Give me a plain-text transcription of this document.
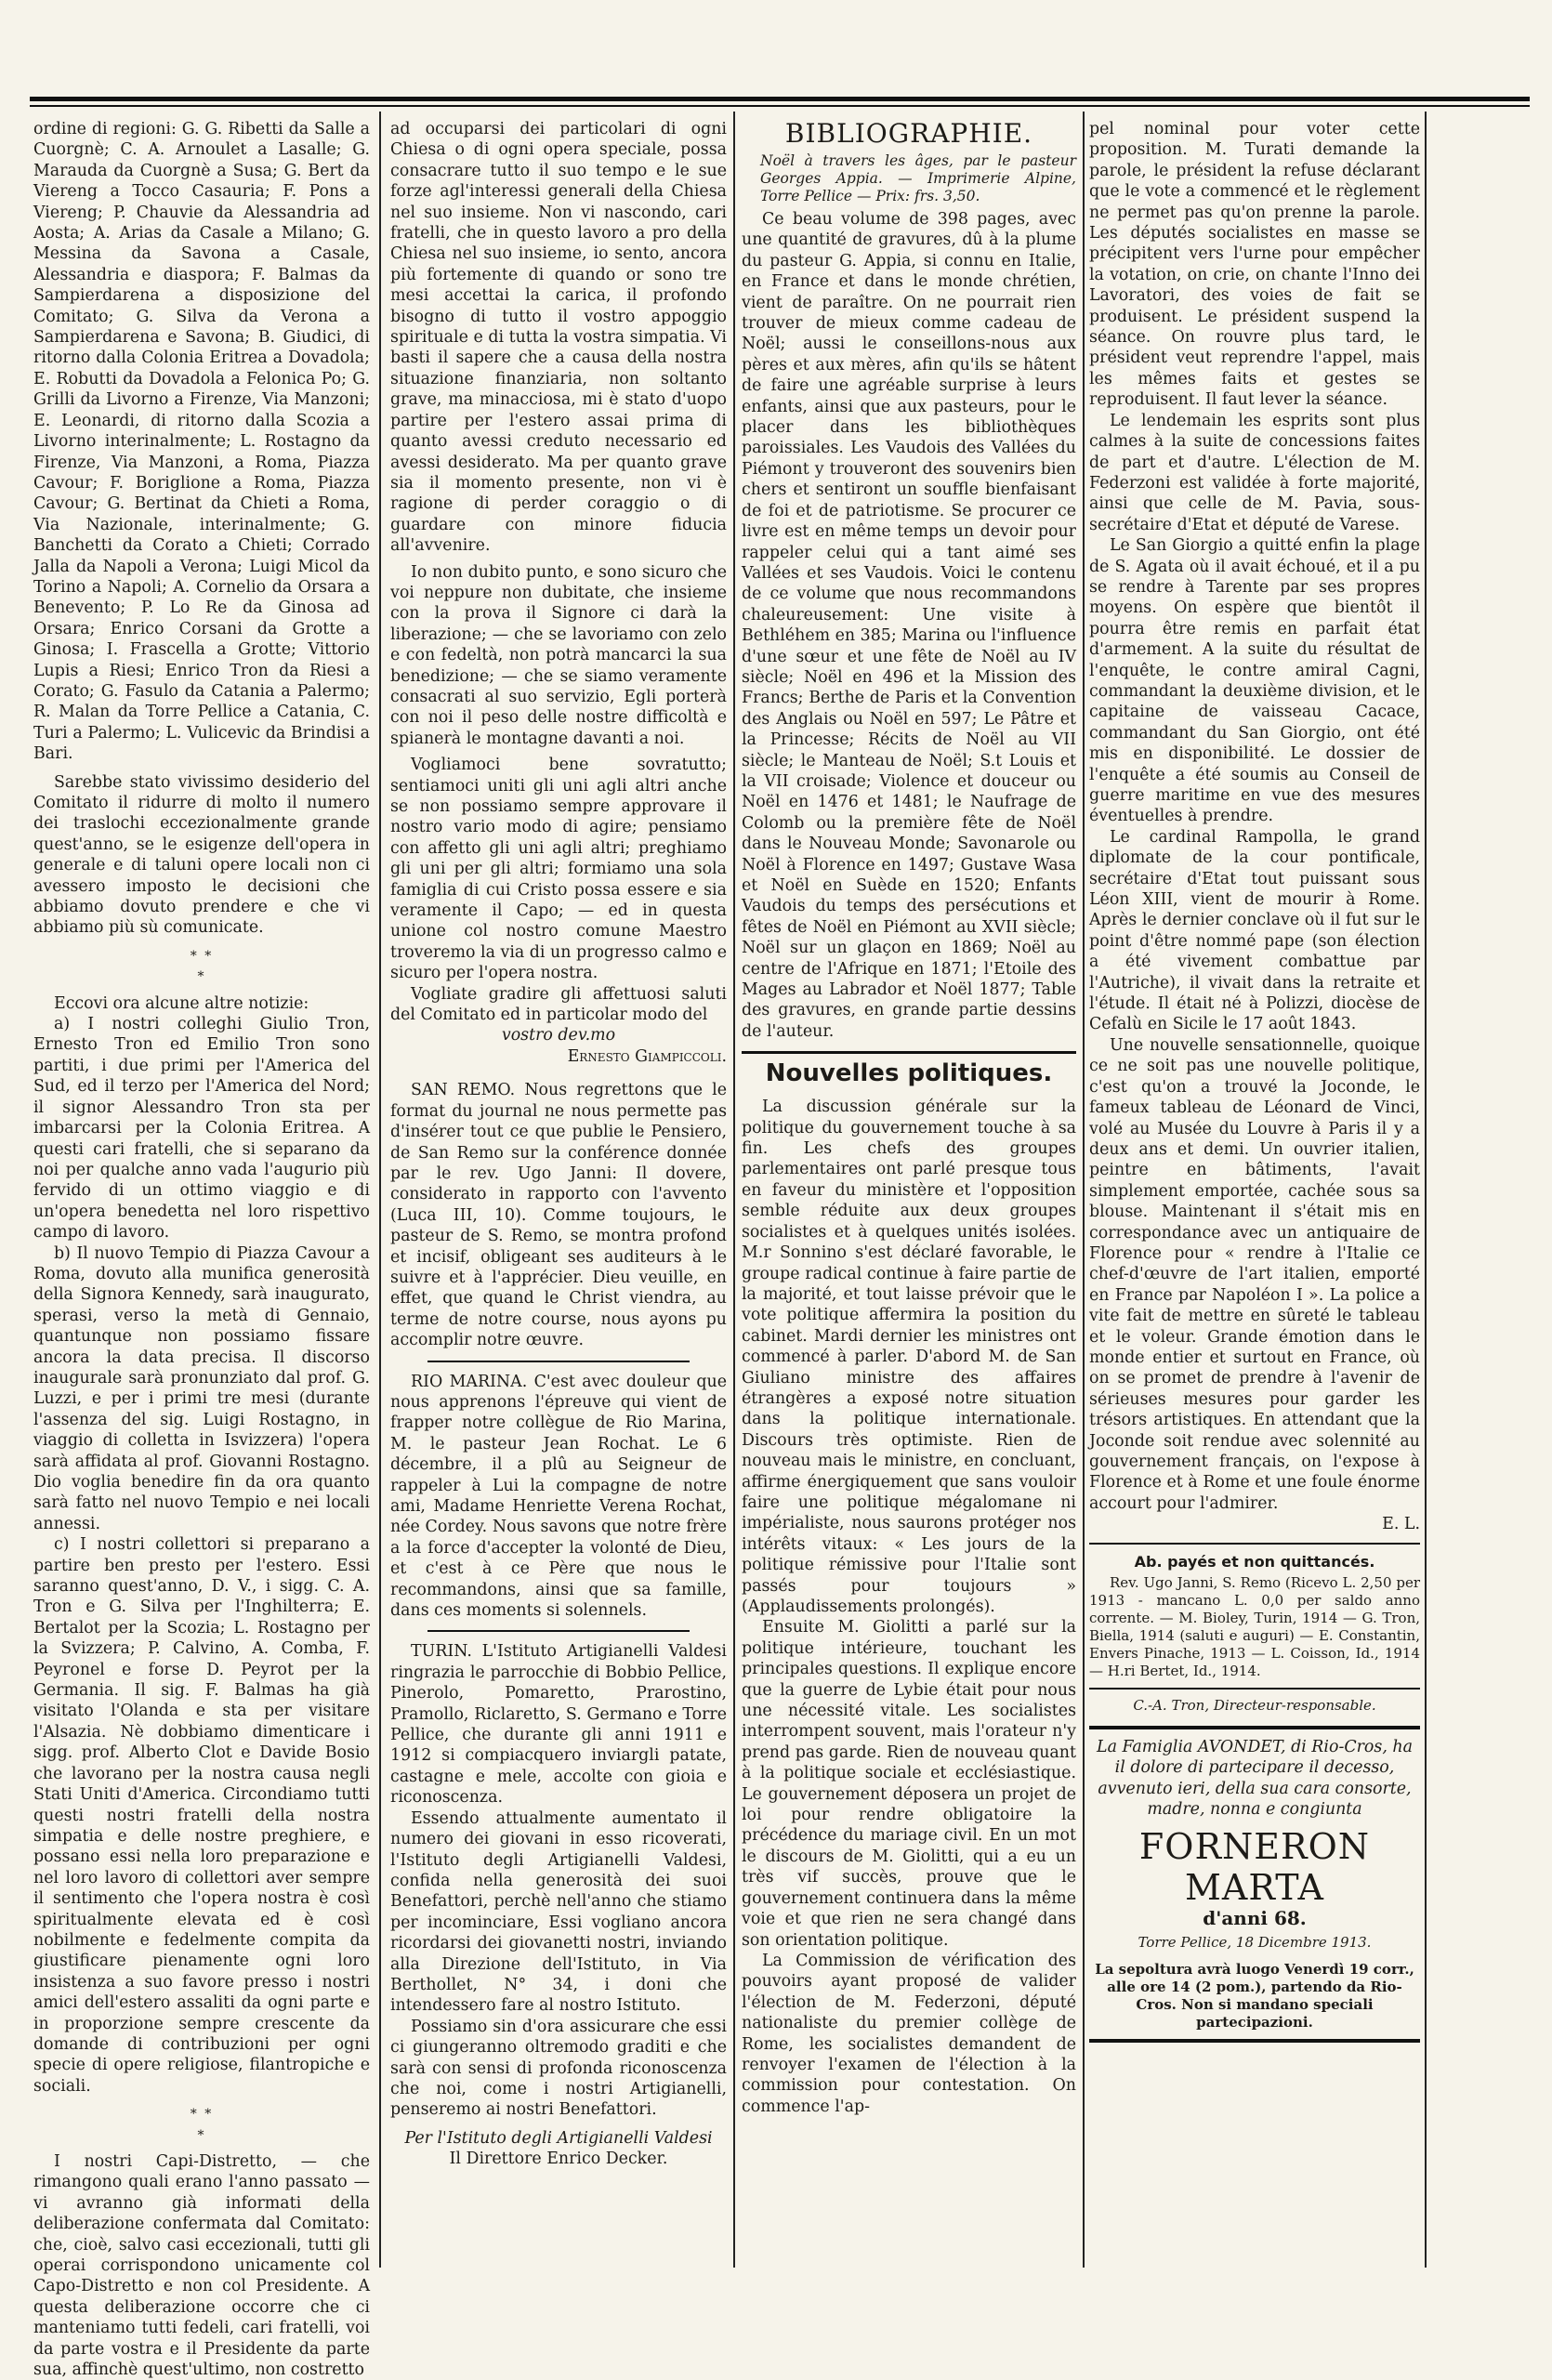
ordine di regioni: G. G. Ribetti da Salle a Cuorgnè; C. A. Arnoulet a Lasalle; G. Marauda da Cuorgnè a Susa; G. Bert da Viereng a Tocco Casauria; F. Pons a Viereng; P. Chauvie da Alessandria ad Aosta; A. Arias da Casale a Milano; G. Messina da Savona a Casale, Alessandria e diaspora; F. Balmas da Sampierdarena a disposizione del Comitato; G. Silva da Verona a Sampierdarena e Savona; B. Giudici, di ritorno dalla Colonia Eritrea a Dovadola; E. Robutti da Dovadola a Felonica Po; G. Grilli da Livorno a Firenze, Via Manzoni; E. Leonardi, di ritorno dalla Scozia a Livorno interinalmente; L. Rostagno da Firenze, Via Manzoni, a Roma, Piazza Cavour; F. Boriglione a Roma, Piazza Cavour; G. Bertinat da Chieti a Roma, Via Nazionale, interinalmente; G. Banchetti da Corato a Chieti; Corrado Jalla da Napoli a Verona; Luigi Micol da Torino a Napoli; A. Cornelio da Orsara a Benevento; P. Lo Re da Ginosa ad Orsara; Enrico Corsani da Grotte a Ginosa; I. Frascella a Grotte; Vittorio Lupis a Riesi; Enrico Tron da Riesi a Corato; G. Fasulo da Catania a Palermo; R. Malan da Torre Pellice a Catania, C. Turi a Palermo; L. Vulicevic da Brindisi a Bari.

Sarebbe stato vivissimo desiderio del Comitato il ridurre di molto il numero dei traslochi eccezionalmente grande quest'anno, se le esigenze dell'opera in generale e di taluni opere locali non ci avessero imposto le decisioni che abbiamo dovuto prendere e che vi abbiamo più sù comunicate.

* *
*

Eccovi ora alcune altre notizie:

a) I nostri colleghi Giulio Tron, Ernesto Tron ed Emilio Tron sono partiti, i due primi per l'America del Sud, ed il terzo per l'America del Nord; il signor Alessandro Tron sta per imbarcarsi per la Colonia Eritrea. A questi cari fratelli, che si separano da noi per qualche anno vada l'augurio più fervido di un ottimo viaggio e di un'opera benedetta nel loro rispettivo campo di lavoro.

b) Il nuovo Tempio di Piazza Cavour a Roma, dovuto alla munifica generosità della Signora Kennedy, sarà inaugurato, sperasi, verso la metà di Gennaio, quantunque non possiamo fissare ancora la data precisa. Il discorso inaugurale sarà pronunziato dal prof. G. Luzzi, e per i primi tre mesi (durante l'assenza del sig. Luigi Rostagno, in viaggio di colletta in Isvizzera) l'opera sarà affidata al prof. Giovanni Rostagno. Dio voglia benedire fin da ora quanto sarà fatto nel nuovo Tempio e nei locali annessi.

c) I nostri collettori si preparano a partire ben presto per l'estero. Essi saranno quest'anno, D. V., i sigg. C. A. Tron e G. Silva per l'Inghilterra; E. Bertalot per la Scozia; L. Rostagno per la Svizzera; P. Calvino, A. Comba, F. Peyronel e forse D. Peyrot per la Germania. Il sig. F. Balmas ha già visitato l'Olanda e sta per visitare l'Alsazia. Nè dobbiamo dimenticare i sigg. prof. Alberto Clot e Davide Bosio che lavorano per la nostra causa negli Stati Uniti d'America. Circondiamo tutti questi nostri fratelli della nostra simpatia e delle nostre preghiere, e possano essi nella loro preparazione e nel loro lavoro di collettori aver sempre il sentimento che l'opera nostra è così spiritualmente elevata ed è così nobilmente e fedelmente compita da giustificare pienamente ogni loro insistenza a suo favore presso i nostri amici dell'estero assaliti da ogni parte e in proporzione sempre crescente da domande di contribuzioni per ogni specie di opere religiose, filantropiche e sociali.

* *
*

I nostri Capi-Distretto, — che rimangono quali erano l'anno passato — vi avranno già informati della deliberazione confermata dal Comitato: che, cioè, salvo casi eccezionali, tutti gli operai corrispondono unicamente col Capo-Distretto e non col Presidente. A questa deliberazione occorre che ci manteniamo tutti fedeli, cari fratelli, voi da parte vostra e il Presidente da parte sua, affinchè quest'ultimo, non costretto

ad occuparsi dei particolari di ogni Chiesa o di ogni opera speciale, possa consacrare tutto il suo tempo e le sue forze agl'interessi generali della Chiesa nel suo insieme. Non vi nascondo, cari fratelli, che in questo lavoro a pro della Chiesa nel suo insieme, io sento, ancora più fortemente di quando or sono tre mesi accettai la carica, il profondo bisogno di tutto il vostro appoggio spirituale e di tutta la vostra simpatia. Vi basti il sapere che a causa della nostra situazione finanziaria, non soltanto grave, ma minacciosa, mi è stato d'uopo partire per l'estero assai prima di quanto avessi creduto necessario ed avessi desiderato. Ma per quanto grave sia il momento presente, non vi è ragione di perder coraggio o di guardare con minore fiducia all'avvenire.

Io non dubito punto, e sono sicuro che voi neppure non dubitate, che insieme con la prova il Signore ci darà la liberazione; — che se lavoriamo con zelo e con fedeltà, non potrà mancarci la sua benedizione; — che se siamo veramente consacrati al suo servizio, Egli porterà con noi il peso delle nostre difficoltà e spianerà le montagne davanti a noi.

Vogliamoci bene sovratutto; sentiamoci uniti gli uni agli altri anche se non possiamo sempre approvare il nostro vario modo di agire; pensiamo con affetto gli uni agli altri; preghiamo gli uni per gli altri; formiamo una sola famiglia di cui Cristo possa essere e sia veramente il Capo; — ed in questa unione col nostro comune Maestro troveremo la via di un progresso calmo e sicuro per l'opera nostra.

Vogliate gradire gli affettuosi saluti del Comitato ed in particolar modo del

vostro dev.mo

Ernesto Giampiccoli.

SAN REMO. Nous regrettons que le format du journal ne nous permette pas d'insérer tout ce que publie le Pensiero, de San Remo sur la conférence donnée par le rev. Ugo Janni: Il dovere, considerato in rapporto con l'avvento (Luca III, 10). Comme toujours, le pasteur de S. Remo, se montra profond et incisif, obligeant ses auditeurs à le suivre et à l'apprécier. Dieu veuille, en effet, que quand le Christ viendra, au terme de notre course, nous ayons pu accomplir notre œuvre.

RIO MARINA. C'est avec douleur que nous apprenons l'épreuve qui vient de frapper notre collègue de Rio Marina, M. le pasteur Jean Rochat. Le 6 décembre, il a plû au Seigneur de rappeler à Lui la compagne de notre ami, Madame Henriette Verena Rochat, née Cordey. Nous savons que notre frère a la force d'accepter la volonté de Dieu, et c'est à ce Père que nous le recommandons, ainsi que sa famille, dans ces moments si solennels.

TURIN. L'Istituto Artigianelli Valdesi ringrazia le parrocchie di Bobbio Pellice, Pinerolo, Pomaretto, Prarostino, Pramollo, Riclaretto, S. Germano e Torre Pellice, che durante gli anni 1911 e 1912 si compiacquero inviargli patate, castagne e mele, accolte con gioia e riconoscenza.

Essendo attualmente aumentato il numero dei giovani in esso ricoverati, l'Istituto degli Artigianelli Valdesi, confida nella generosità dei suoi Benefattori, perchè nell'anno che stiamo per incominciare, Essi vogliano ancora ricordarsi dei giovanetti nostri, inviando alla Direzione dell'Istituto, in Via Berthollet, N° 34, i doni che intendessero fare al nostro Istituto.

Possiamo sin d'ora assicurare che essi ci giungeranno oltremodo graditi e che sarà con sensi di profonda riconoscenza che noi, come i nostri Artigianelli, penseremo ai nostri Benefattori.

Per l'Istituto degli Artigianelli Valdesi

Il Direttore Enrico Decker.

BIBLIOGRAPHIE.

Noël à travers les âges, par le pasteur Georges Appia. — Imprimerie Alpine, Torre Pellice — Prix: frs. 3,50.

Ce beau volume de 398 pages, avec une quantité de gravures, dû à la plume du pasteur G. Appia, si connu en Italie, en France et dans le monde chrétien, vient de paraître. On ne pourrait rien trouver de mieux comme cadeau de Noël; aussi le conseillons-nous aux pères et aux mères, afin qu'ils se hâtent de faire une agréable surprise à leurs enfants, ainsi que aux pasteurs, pour le placer dans les bibliothèques paroissiales. Les Vaudois des Vallées du Piémont y trouveront des souvenirs bien chers et sentiront un souffle bienfaisant de foi et de patriotisme. Se procurer ce livre est en même temps un devoir pour rappeler celui qui a tant aimé ses Vallées et ses Vaudois. Voici le contenu de ce volume que nous recommandons chaleureusement: Une visite à Bethléhem en 385; Marina ou l'influence d'une sœur et une fête de Noël au IV siècle; Noël en 496 et la Mission des Francs; Berthe de Paris et la Convention des Anglais ou Noël en 597; Le Pâtre et la Princesse; Récits de Noël au VII siècle; le Manteau de Noël; S.t Louis et la VII croisade; Violence et douceur ou Noël en 1476 et 1481; le Naufrage de Colomb ou la première fête de Noël dans le Nouveau Monde; Savonarole ou Noël à Florence en 1497; Gustave Wasa et Noël en Suède en 1520; Enfants Vaudois du temps des persécutions et fêtes de Noël en Piémont au XVII siècle; Noël sur un glaçon en 1869; Noël au centre de l'Afrique en 1871; l'Etoile des Mages au Labrador et Noël 1877; Table des gravures, en grande partie dessins de l'auteur.

Nouvelles politiques.

La discussion générale sur la politique du gouvernement touche à sa fin. Les chefs des groupes parlementaires ont parlé presque tous en faveur du ministère et l'opposition semble réduite aux deux groupes socialistes et à quelques unités isolées. M.r Sonnino s'est déclaré favorable, le groupe radical continue à faire partie de la majorité, et tout laisse prévoir que le vote politique affermira la position du cabinet. Mardi dernier les ministres ont commencé à parler. D'abord M. de San Giuliano ministre des affaires étrangères a exposé notre situation dans la politique internationale. Discours très optimiste. Rien de nouveau mais le ministre, en concluant, affirme énergiquement que sans vouloir faire une politique mégalomane ni impérialiste, nous saurons protéger nos intérêts vitaux: « Les jours de la politique rémissive pour l'Italie sont passés pour toujours » (Applaudissements prolongés).

Ensuite M. Giolitti a parlé sur la politique intérieure, touchant les principales questions. Il explique encore que la guerre de Lybie était pour nous une nécessité vitale. Les socialistes interrompent souvent, mais l'orateur n'y prend pas garde. Rien de nouveau quant à la politique sociale et ecclésiastique. Le gouvernement déposera un projet de loi pour rendre obligatoire la précédence du mariage civil. En un mot le discours de M. Giolitti, qui a eu un très vif succès, prouve que le gouvernement continuera dans la même voie et que rien ne sera changé dans son orientation politique.

La Commission de vérification des pouvoirs ayant proposé de valider l'élection de M. Federzoni, député nationaliste du premier collège de Rome, les socialistes demandent de renvoyer l'examen de l'élection à la commission pour contestation. On commence l'ap-

pel nominal pour voter cette proposition. M. Turati demande la parole, le président la refuse déclarant que le vote a commencé et le règlement ne permet pas qu'on prenne la parole. Les députés socialistes en masse se précipitent vers l'urne pour empêcher la votation, on crie, on chante l'Inno dei Lavoratori, des voies de fait se produisent. Le président suspend la séance. On rouvre plus tard, le président veut reprendre l'appel, mais les mêmes faits et gestes se reproduisent. Il faut lever la séance.

Le lendemain les esprits sont plus calmes à la suite de concessions faites de part et d'autre. L'élection de M. Federzoni est validée à forte majorité, ainsi que celle de M. Pavia, sous-secrétaire d'Etat et député de Varese.

Le San Giorgio a quitté enfin la plage de S. Agata où il avait échoué, et il a pu se rendre à Tarente par ses propres moyens. On espère que bientôt il pourra être remis en parfait état d'armement. A la suite du résultat de l'enquête, le contre amiral Cagni, commandant la deuxième division, et le capitaine de vaisseau Cacace, commandant du San Giorgio, ont été mis en disponibilité. Le dossier de l'enquête a été soumis au Conseil de guerre maritime en vue des mesures éventuelles à prendre.

Le cardinal Rampolla, le grand diplomate de la cour pontificale, secrétaire d'Etat tout puissant sous Léon XIII, vient de mourir à Rome. Après le dernier conclave où il fut sur le point d'être nommé pape (son élection a été vivement combattue par l'Autriche), il vivait dans la retraite et l'étude. Il était né à Polizzi, diocèse de Cefalù en Sicile le 17 août 1843.

Une nouvelle sensationnelle, quoique ce ne soit pas une nouvelle politique, c'est qu'on a trouvé la Joconde, le fameux tableau de Léonard de Vinci, volé au Musée du Louvre à Paris il y a deux ans et demi. Un ouvrier italien, peintre en bâtiments, l'avait simplement emportée, cachée sous sa blouse. Maintenant il s'était mis en correspondance avec un antiquaire de Florence pour « rendre à l'Italie ce chef-d'œuvre de l'art italien, emporté en France par Napoléon I ». La police a vite fait de mettre en sûreté le tableau et le voleur. Grande émotion dans le monde entier et surtout en France, où on se promet de prendre à l'avenir de sérieuses mesures pour garder les trésors artistiques. En attendant que la Joconde soit rendue avec solennité au gouvernement français, on l'expose à Florence et à Rome et une foule énorme accourt pour l'admirer.

E. L.

Ab. payés et non quittancés.

Rev. Ugo Janni, S. Remo (Ricevo L. 2,50 per 1913 - mancano L. 0,0 per saldo anno corrente. — M. Bioley, Turin, 1914 — G. Tron, Biella, 1914 (saluti e auguri) — E. Constantin, Envers Pinache, 1913 — L. Coisson, Id., 1914 — H.ri Bertet, Id., 1914.

C.-A. Tron, Directeur-responsable.

La Famiglia AVONDET, di Rio-Cros, ha il dolore di partecipare il decesso, avvenuto ieri, della sua cara consorte, madre, nonna e congiunta

FORNERON MARTA

d'anni 68.

Torre Pellice, 18 Dicembre 1913.

La sepoltura avrà luogo Venerdì 19 corr., alle ore 14 (2 pom.), partendo da Rio-Cros. Non si mandano speciali partecipazioni.
